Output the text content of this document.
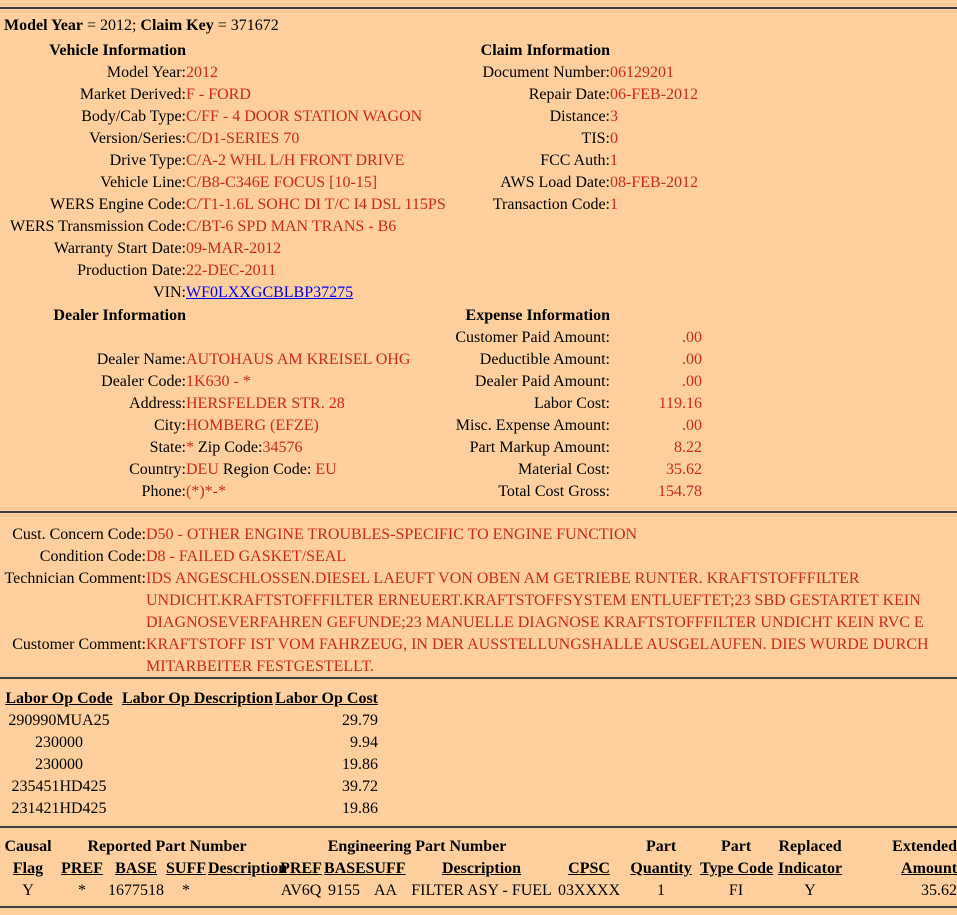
Model Year = 2012; Claim Key = 371672
Vehicle Information		Claim Information	
Model Year:	2012	Document Number:	06129201
Market Derived:	F - FORD	Repair Date:	06-FEB-2012
Body/Cab Type:	C/FF - 4 DOOR STATION WAGON	Distance:	3
Version/Series:	C/D1-SERIES 70	TIS:	0
Drive Type:	C/A-2 WHL L/H FRONT DRIVE	FCC Auth:	1
Vehicle Line:	C/B8-C346E FOCUS [10-15]	AWS Load Date:	08-FEB-2012
WERS Engine Code:	C/T1-1.6L SOHC DI T/C I4 DSL 115PS	Transaction Code:	1
WERS Transmission Code:	C/BT-6 SPD MAN TRANS - B6		
Warranty Start Date:	09-MAR-2012		
Production Date:	22-DEC-2011		
VIN:	WF0LXXGCBLBP37275		
Dealer Information		Expense Information		
		Customer Paid Amount:	.00	
Dealer Name:	AUTOHAUS AM KREISEL OHG	Deductible Amount:	.00	
Dealer Code:	1K630 - *	Dealer Paid Amount:	.00	
Address:	HERSFELDER STR. 28	Labor Cost:	119.16	
City:	HOMBERG (EFZE)	Misc. Expense Amount:	.00	
State:	* Zip Code:34576	Part Markup Amount:	8.22	
Country:	DEU Region Code: EU	Material Cost:	35.62	
Phone:	(*)*-*	Total Cost Gross:	154.78	
Cust. Concern Code:	D50 - OTHER ENGINE TROUBLES-SPECIFIC TO ENGINE FUNCTION
Condition Code:	D8 - FAILED GASKET/SEAL
Technician Comment:	IDS ANGESCHLOSSEN.DIESEL LAEUFT VON OBEN AM GETRIEBE RUNTER. KRAFTSTOFFFILTER UNDICHT.KRAFTSTOFFFILTER ERNEUERT.KRAFTSTOFFSYSTEM ENTLUEFTET;23 SBD GESTARTET KEIN DIAGNOSEVERFAHREN GEFUNDE;23 MANUELLE DIAGNOSE KRAFTSTOFFFILTER UNDICHT KEIN RVC E
Customer Comment:	KRAFTSTOFF IST VOM FAHRZEUG, IN DER AUSSTELLUNGSHALLE AUSGELAUFEN. DIES WURDE DURCH MITARBEITER FESTGESTELLT.
Labor Op Code	Labor Op Description	Labor Op Cost
290990MUA25		29.79
230000		9.94
230000		19.86
235451HD425		39.72
231421HD425		19.86
Causal	Reported Part Number				Engineering Part Number					Part	Part	Replaced	Extended
Flag	PREF	BASE	SUFF	Description	PREF	BASE	SUFF	Description	CPSC	Quantity	Type Code	Indicator	Amount
Y	*	1677518	*		AV6Q	9155	AA	FILTER ASY - FUEL	03XXXX	1	FI	Y	35.62
